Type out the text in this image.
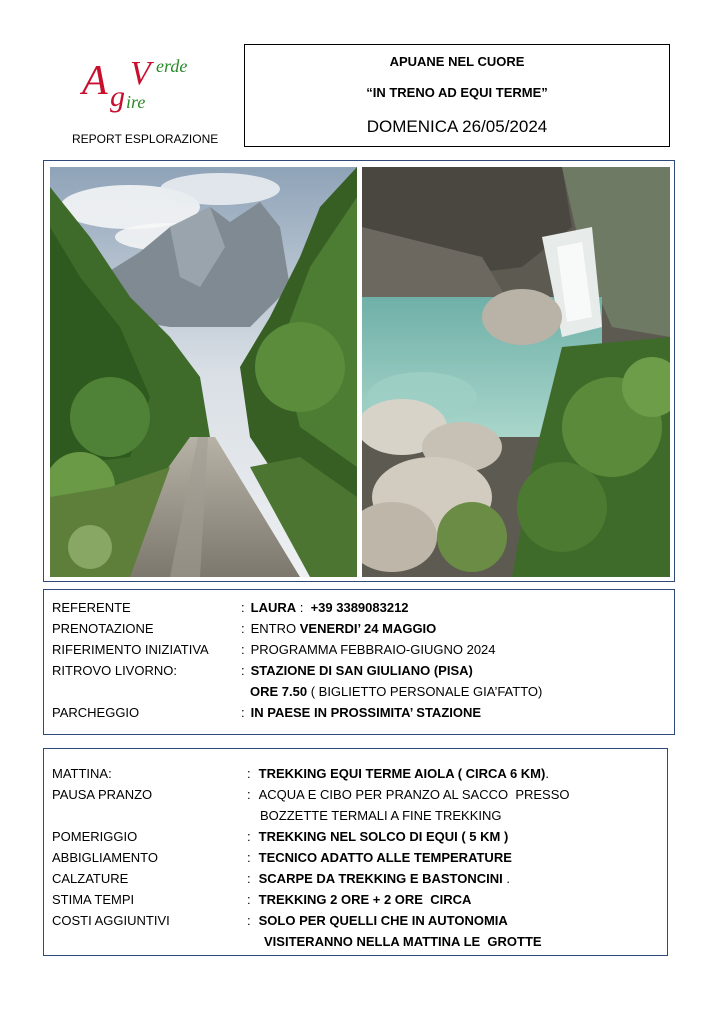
A g
V erde
ire
REPORT ESPLORAZIONE
APUANE NEL CUORE
“IN TRENO AD EQUI TERME”
DOMENICA 26/05/2024
REFERENTE	: LAURA :  +39 3389083212
PRENOTAZIONE	: ENTRO VENERDI’ 24 MAGGIO
RIFERIMENTO INIZIATIVA : PROGRAMMA FEBBRAIO-GIUGNO 2024
RITROVO LIVORNO:	: STAZIONE DI SAN GIULIANO (PISA)
ORE 7.50 ( BIGLIETTO PERSONALE GIA’FATTO)
PARCHEGGIO	: IN PAESE IN PROSSIMITA’ STAZIONE
MATTINA:	: TREKKING EQUI TERME AIOLA ( CIRCA 6 KM).
PAUSA PRANZO	: ACQUA E CIBO PER PRANZO AL SACCO  PRESSO
BOZZETTE TERMALI A FINE TREKKING
POMERIGGIO	: TREKKING NEL SOLCO DI EQUI ( 5 KM )
ABBIGLIAMENTO	: TECNICO ADATTO ALLE TEMPERATURE
CALZATURE	: SCARPE DA TREKKING E BASTONCINI .
STIMA TEMPI	: TREKKING 2 ORE + 2 ORE  CIRCA
COSTI AGGIUNTIVI	: SOLO PER QUELLI CHE IN AUTONOMIA
VISITERANNO NELLA MATTINA LE  GROTTE
